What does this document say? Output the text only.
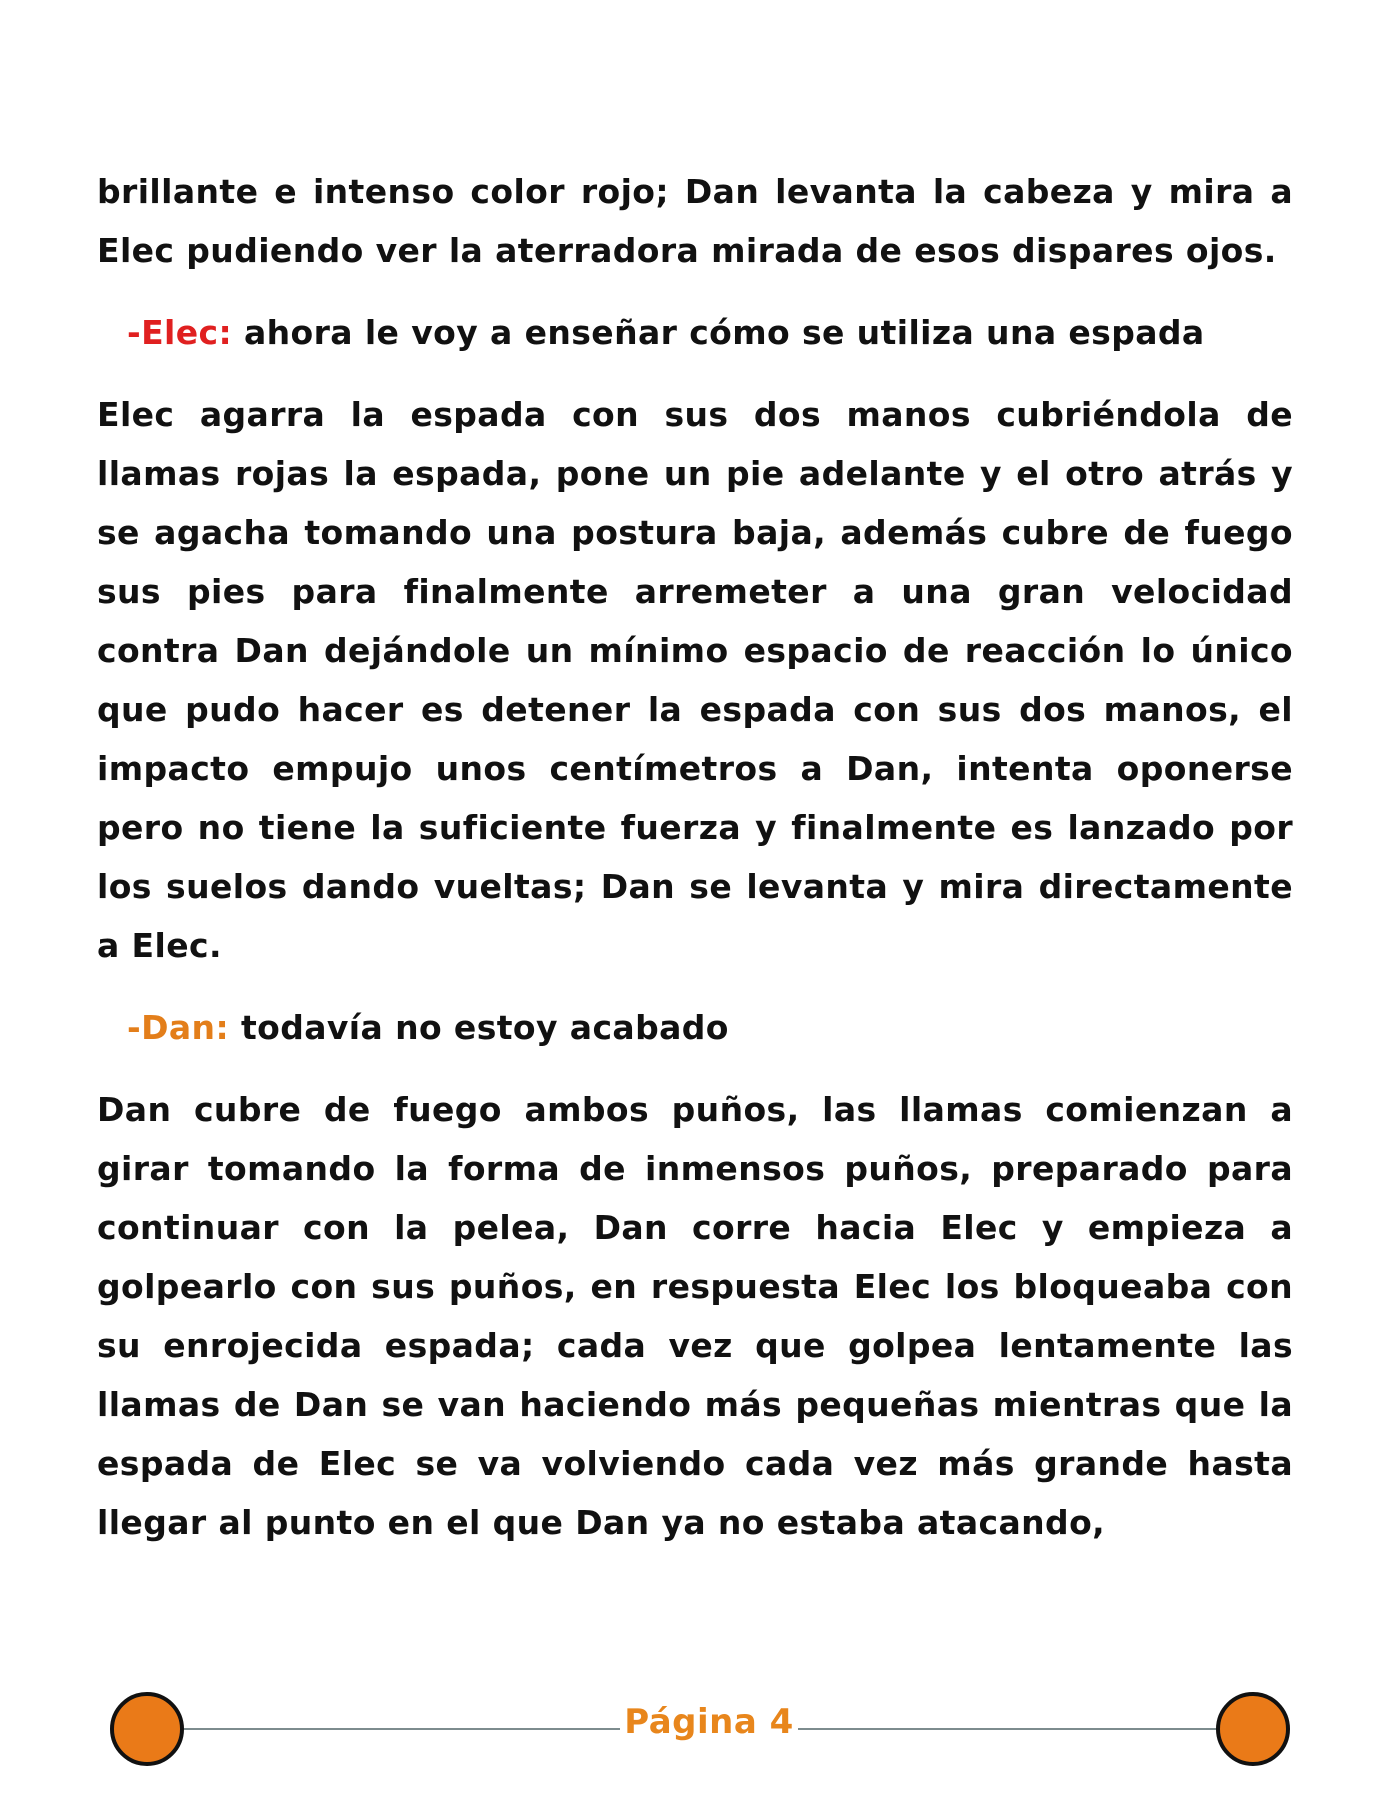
brillante e intenso color rojo; Dan levanta la cabeza y mira a Elec pudiendo ver la aterradora mirada de esos dispares ojos.

-Elec: ahora le voy a enseñar cómo se utiliza una espada

Elec agarra la espada con sus dos manos cubriéndola de llamas rojas la espada, pone un pie adelante y el otro atrás y se agacha tomando una postura baja, además cubre de fuego sus pies para finalmente arremeter a una gran velocidad contra Dan dejándole un mínimo espacio de reacción lo único que pudo hacer es detener la espada con sus dos manos, el impacto empujo unos centímetros a Dan, intenta oponerse pero no tiene la suficiente fuerza y finalmente es lanzado por los suelos dando vueltas; Dan se levanta y mira directamente a Elec.

-Dan: todavía no estoy acabado

Dan cubre de fuego ambos puños, las llamas comienzan a girar tomando la forma de inmensos puños, preparado para continuar con la pelea, Dan corre hacia Elec y empieza a golpearlo con sus puños, en respuesta Elec los bloqueaba con su enrojecida espada; cada vez que golpea lentamente las llamas de Dan se van haciendo más pequeñas mientras que la espada de Elec se va volviendo cada vez más grande hasta llegar al punto en el que Dan ya no estaba atacando,

Página 4
